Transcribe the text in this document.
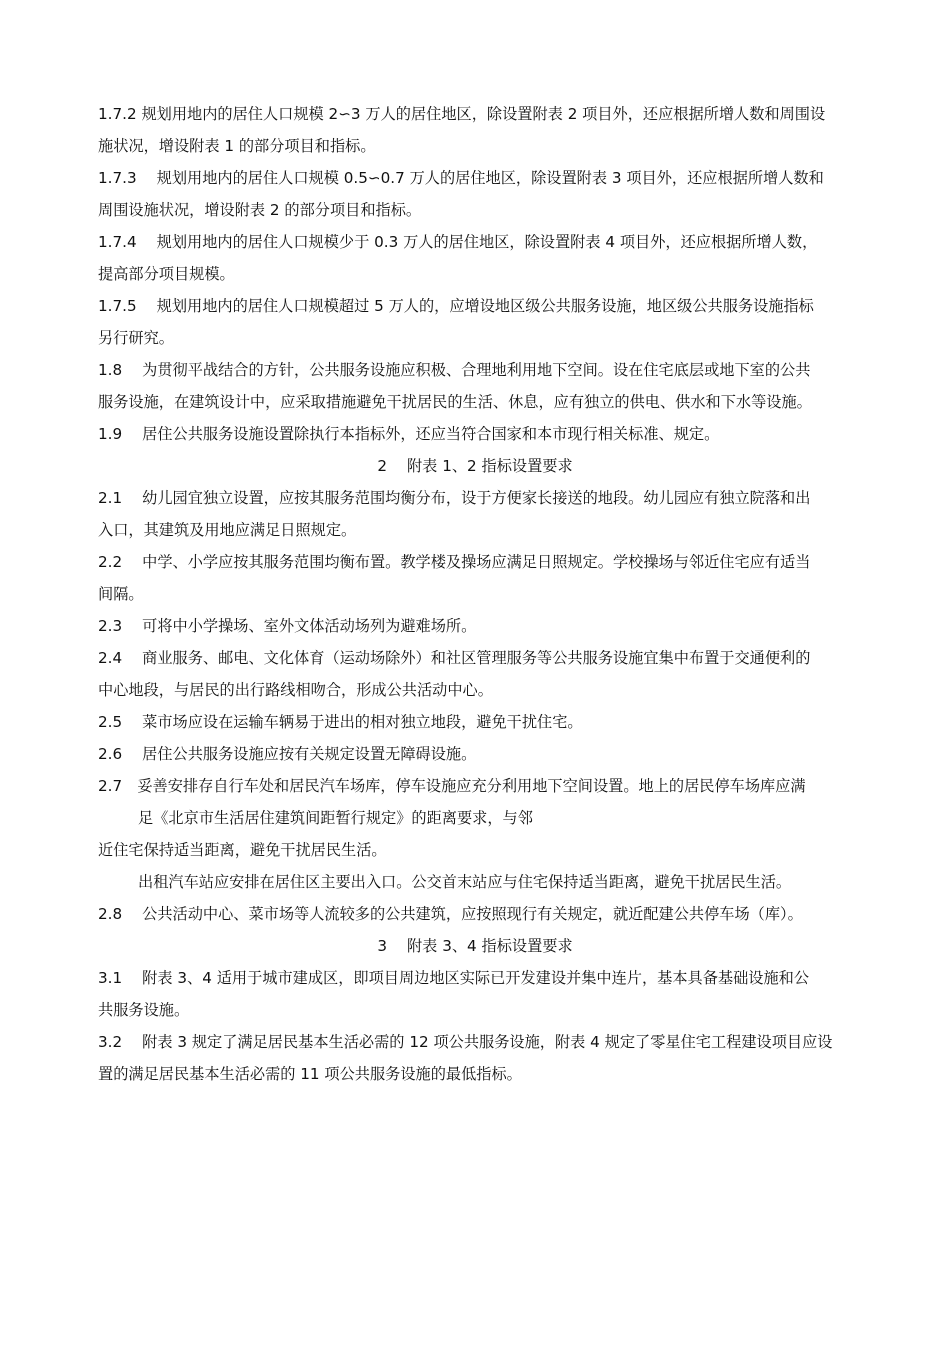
1.7.2 规划用地内的居住人口规模 2∽3 万人的居住地区，除设置附表 2 项目外，还应根据所增人数和周围设
施状况，增设附表 1 的部分项目和指标。
1.7.3　 规划用地内的居住人口规模 0.5∽0.7 万人的居住地区，除设置附表 3 项目外，还应根据所增人数和
周围设施状况，增设附表 2 的部分项目和指标。
1.7.4　 规划用地内的居住人口规模少于 0.3 万人的居住地区，除设置附表 4 项目外，还应根据所增人数，
提高部分项目规模。
1.7.5　 规划用地内的居住人口规模超过 5 万人的，应增设地区级公共服务设施，地区级公共服务设施指标
另行研究。
1.8　 为贯彻平战结合的方针，公共服务设施应积极、合理地利用地下空间。设在住宅底层或地下室的公共
服务设施，在建筑设计中，应采取措施避免干扰居民的生活、休息，应有独立的供电、供水和下水等设施。
1.9　 居住公共服务设施设置除执行本指标外，还应当符合国家和本市现行相关标准、规定。
2　 附表 1、2 指标设置要求
2.1　 幼儿园宜独立设置，应按其服务范围均衡分布，设于方便家长接送的地段。幼儿园应有独立院落和出
入口，其建筑及用地应满足日照规定。
2.2　 中学、小学应按其服务范围均衡布置。教学楼及操场应满足日照规定。学校操场与邻近住宅应有适当
间隔。
2.3　 可将中小学操场、室外文体活动场列为避难场所。
2.4　 商业服务、邮电、文化体育（运动场除外）和社区管理服务等公共服务设施宜集中布置于交通便利的
中心地段，与居民的出行路线相吻合，形成公共活动中心。
2.5　 菜市场应设在运输车辆易于进出的相对独立地段，避免干扰住宅。
2.6　 居住公共服务设施应按有关规定设置无障碍设施。
2.7　妥善安排存自行车处和居民汽车场库，停车设施应充分利用地下空间设置。地上的居民停车场库应满
足《北京市生活居住建筑间距暂行规定》的距离要求，与邻
近住宅保持适当距离，避免干扰居民生活。
出租汽车站应安排在居住区主要出入口。公交首末站应与住宅保持适当距离，避免干扰居民生活。
2.8　 公共活动中心、菜市场等人流较多的公共建筑，应按照现行有关规定，就近配建公共停车场（库）。
3　 附表 3、4 指标设置要求
3.1　 附表 3、4 适用于城市建成区，即项目周边地区实际已开发建设并集中连片，基本具备基础设施和公
共服务设施。
3.2　 附表 3 规定了满足居民基本生活必需的 12 项公共服务设施，附表 4 规定了零星住宅工程建设项目应设
置的满足居民基本生活必需的 11 项公共服务设施的最低指标。
